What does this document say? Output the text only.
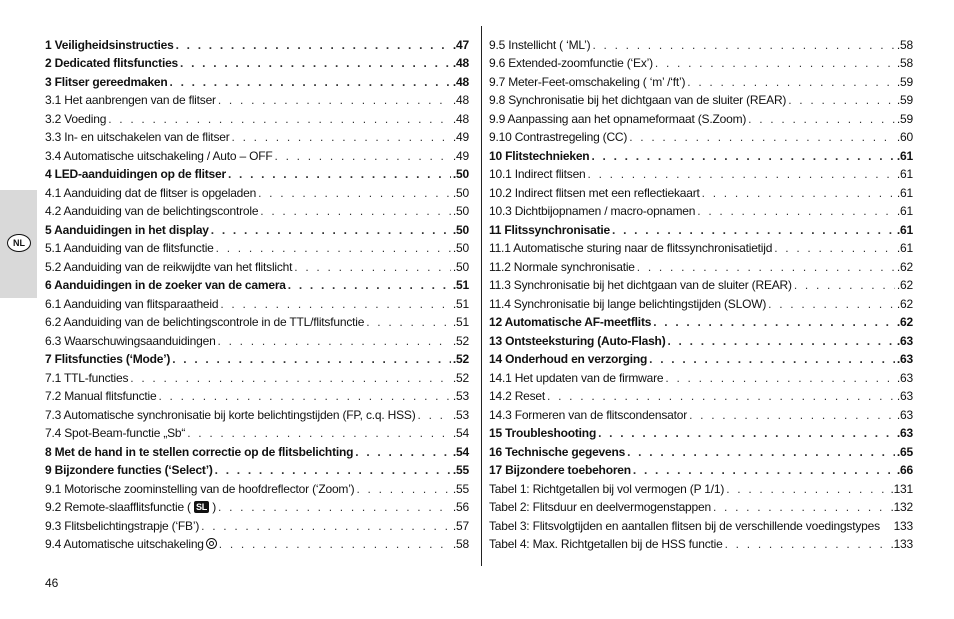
NL
1 Veiligheidsinstructies . . .	.47
2 Dedicated flitsfuncties . . .	.48
3 Flitser gereedmaken . . .	.48
3.1 Het aanbrengen van de flitser . . .	.48
3.2 Voeding . . .	.48
3.3 In- en uitschakelen van de flitser . . .	.49
3.4 Automatische uitschakeling / Auto – OFF . . .	.49
4 LED-aanduidingen op de flitser . . .	.50
4.1 Aanduiding dat de flitser is opgeladen . . .	.50
4.2 Aanduiding van de belichtingscontrole . . .	.50
5 Aanduidingen in het display . . .	.50
5.1 Aanduiding van de flitsfunctie . . .	.50
5.2 Aanduiding van de reikwijdte van het flitslicht . . .	.50
6 Aanduidingen in de zoeker van de camera . . .	.51
6.1 Aanduiding van flitsparaatheid . . .	.51
6.2 Aanduiding van de belichtingscontrole in de TTL/flitsfunctie . . .	.51
6.3 Waarschuwingsaanduidingen . . .	.52
7 Flitsfuncties (‘Mode’) . . .	.52
7.1 TTL-functies . . .	.52
7.2 Manual flitsfunctie . . .	.53
7.3 Automatische synchronisatie bij korte belichtingstijden (FP, c.q. HSS) . . .	.53
7.4 Spot-Beam-functie „Sb“ . . .	.54
8 Met de hand in te stellen correctie op de flitsbelichting . . .	.54
9 Bijzondere functies (‘Select’) . . .	.55
9.1 Motorische zoominstelling van de hoofdreflector (‘Zoom’) . . .	.55
9.2 Remote-slaafflitsfunctie ( SL ) . . .	.56
9.3 Flitsbelichtingstrapje (‘FB’) . . .	.57
9.4 Automatische uitschakeling . . .	.58
9.5 Instellicht ( ‘ML’) . . .	.58
9.6 Extended-zoomfunctie (‘Ex’) . . .	.58
9.7 Meter-Feet-omschakeling ( ‘m’ /‘ft’) . . .	.59
9.8 Synchronisatie bij het dichtgaan van de sluiter (REAR) . . .	.59
9.9 Aanpassing aan het opnameformaat (S.Zoom) . . .	.59
9.10 Contrastregeling (CC) . . .	.60
10 Flitstechnieken . . .	.61
10.1 Indirect flitsen . . .	.61
10.2 Indirect flitsen met een reflectiekaart . . .	.61
10.3 Dichtbijopnamen / macro-opnamen . . .	.61
11 Flitssynchronisatie . . .	.61
11.1 Automatische sturing naar de flitssynchronisatietijd . . .	.61
11.2 Normale synchronisatie . . .	.62
11.3 Synchronisatie bij het dichtgaan van de sluiter (REAR) . . .	.62
11.4 Synchronisatie bij lange belichtingstijden (SLOW) . . .	.62
12 Automatische AF-meetflits . . .	.62
13 Ontsteeksturing (Auto-Flash) . . .	.63
14 Onderhoud en verzorging . . .	.63
14.1 Het updaten van de firmware . . .	.63
14.2 Reset . . .	.63
14.3 Formeren van de flitscondensator . . .	.63
15 Troubleshooting . . .	.63
16 Technische gegevens . . .	.65
17 Bijzondere toebehoren . . .	.66
Tabel 1: Richtgetallen bij vol vermogen (P 1/1) . . .	.131
Tabel 2: Flitsduur en deelvermogenstappen . . .	.132
Tabel 3: Flitsvolgtijden en aantallen flitsen bij de verschillende voedingstypes 133
Tabel 4: Max. Richtgetallen bij de HSS functie . . .	.133
46
